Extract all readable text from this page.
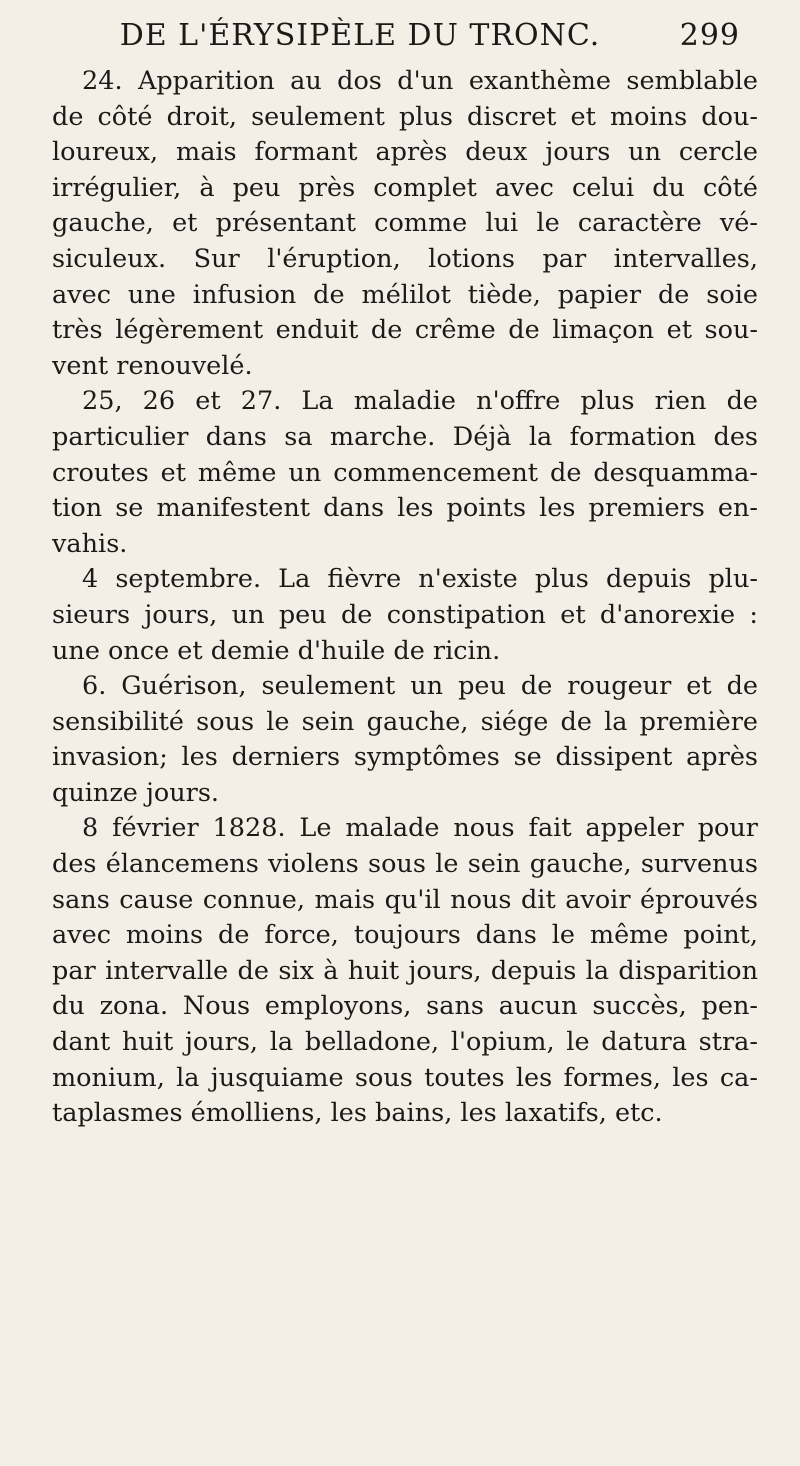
DE L'ÉRYSIPÈLE DU TRONC.	299
24. Apparition au dos d'un exanthème semblable
de côté droit, seulement plus discret et moins dou-
loureux, mais formant après deux jours un cercle
irrégulier, à peu près complet avec celui du côté
gauche, et présentant comme lui le caractère vé-
siculeux. Sur l'éruption, lotions par intervalles,
avec une infusion de mélilot tiède, papier de soie
très légèrement enduit de crême de limaçon et sou-
vent renouvelé.
25, 26 et 27. La maladie n'offre plus rien de
particulier dans sa marche. Déjà la formation des
croutes et même un commencement de desquamma-
tion se manifestent dans les points les premiers en-
vahis.
4 septembre. La fièvre n'existe plus depuis plu-
sieurs jours, un peu de constipation et d'anorexie :
une once et demie d'huile de ricin.
6. Guérison, seulement un peu de rougeur et de
sensibilité sous le sein gauche, siége de la première
invasion; les derniers symptômes se dissipent après
quinze jours.
8 février 1828. Le malade nous fait appeler pour
des élancemens violens sous le sein gauche, survenus
sans cause connue, mais qu'il nous dit avoir éprouvés
avec moins de force, toujours dans le même point,
par intervalle de six à huit jours, depuis la disparition
du zona. Nous employons, sans aucun succès, pen-
dant huit jours, la belladone, l'opium, le datura stra-
monium, la jusquiame sous toutes les formes, les ca-
taplasmes émolliens, les bains, les laxatifs, etc.
